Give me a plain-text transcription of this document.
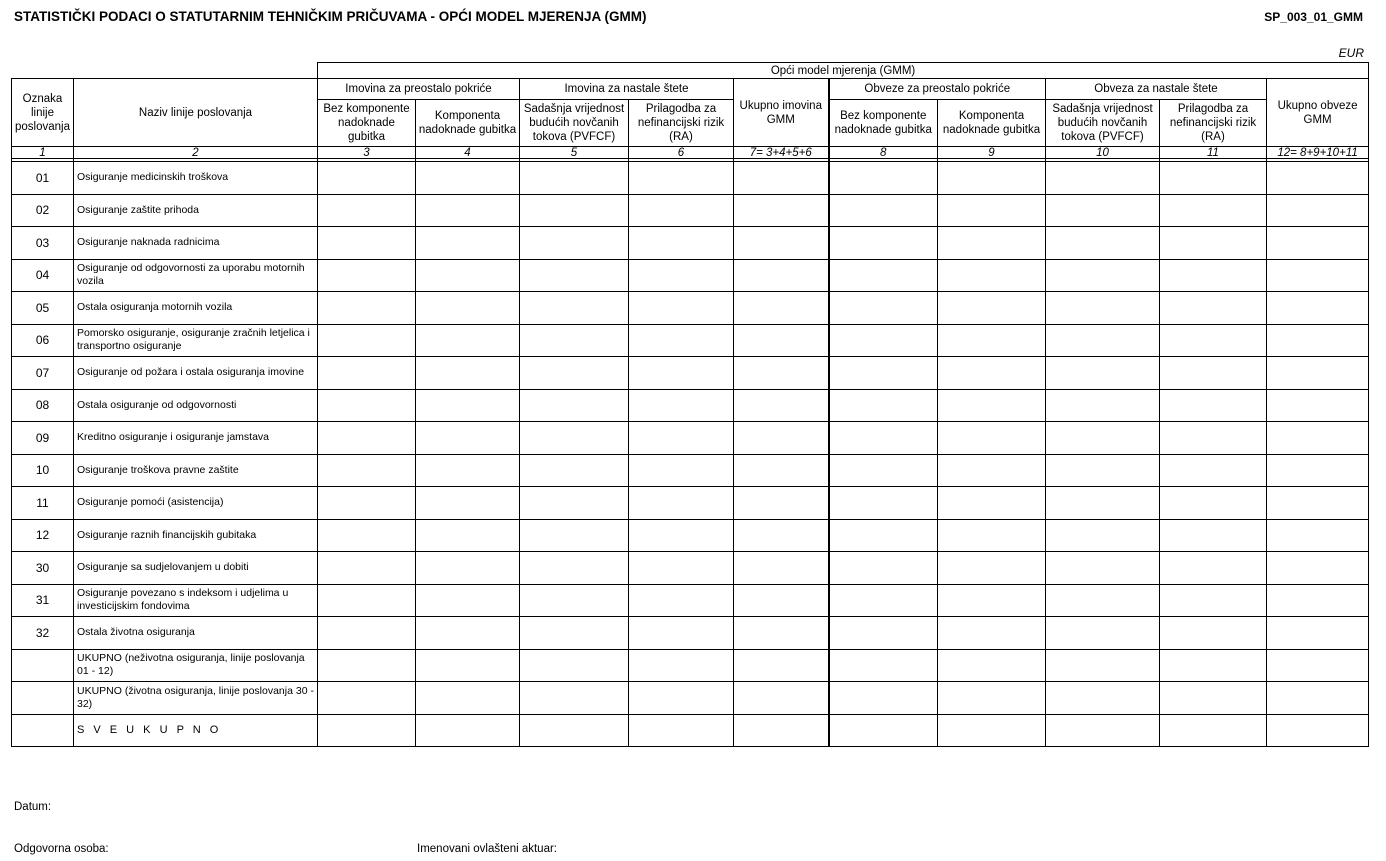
STATISTIČKI PODACI O STATUTARNIM TEHNIČKIM PRIČUVAMA - OPĆI MODEL MJERENJA (GMM)	SP_003_01_GMM
EUR
		Opći model mjerenja (GMM)									
Oznaka linije poslovanja	Naziv linije poslovanja	Imovina za preostalo pokriće		Imovina za nastale štete		Ukupno imovina GMM	Obveze za preostalo pokriće		Obveza za nastale štete		Ukupno obveze GMM
		Bez komponente nadoknade gubitka	Komponenta nadoknade gubitka	Sadašnja vrijednost budućih novčanih tokova (PVFCF)	Prilagodba za nefinancijski rizik (RA)		Bez komponente nadoknade gubitka	Komponenta nadoknade gubitka	Sadašnja vrijednost budućih novčanih tokova (PVFCF)	Prilagodba za nefinancijski rizik (RA)	
1	2	3	4	5	6	7= 3+4+5+6	8	9	10	11	12= 8+9+10+11

01	Osiguranje medicinskih troškova										
02	Osiguranje zaštite prihoda										
03	Osiguranje naknada radnicima										
04	Osiguranje od odgovornosti za uporabu motornih vozila										
05	Ostala osiguranja motornih vozila										
06	Pomorsko osiguranje, osiguranje zračnih letjelica i transportno osiguranje										
07	Osiguranje od požara i ostala osiguranja imovine										
08	Ostala osiguranje od odgovornosti										
09	Kreditno osiguranje i osiguranje jamstava										
10	Osiguranje troškova pravne zaštite										
11	Osiguranje pomoći (asistencija)										
12	Osiguranje raznih financijskih gubitaka										
30	Osiguranje sa sudjelovanjem u dobiti										
31	Osiguranje povezano s indeksom i udjelima u investicijskim fondovima										
32	Ostala životna osiguranja										
	UKUPNO (neživotna osiguranja, linije poslovanja 01 - 12)										
	UKUPNO (životna osiguranja, linije poslovanja 30 - 32)										
	S V E U K U P N O										
Datum:
Odgovorna osoba:	Imenovani ovlašteni aktuar:
